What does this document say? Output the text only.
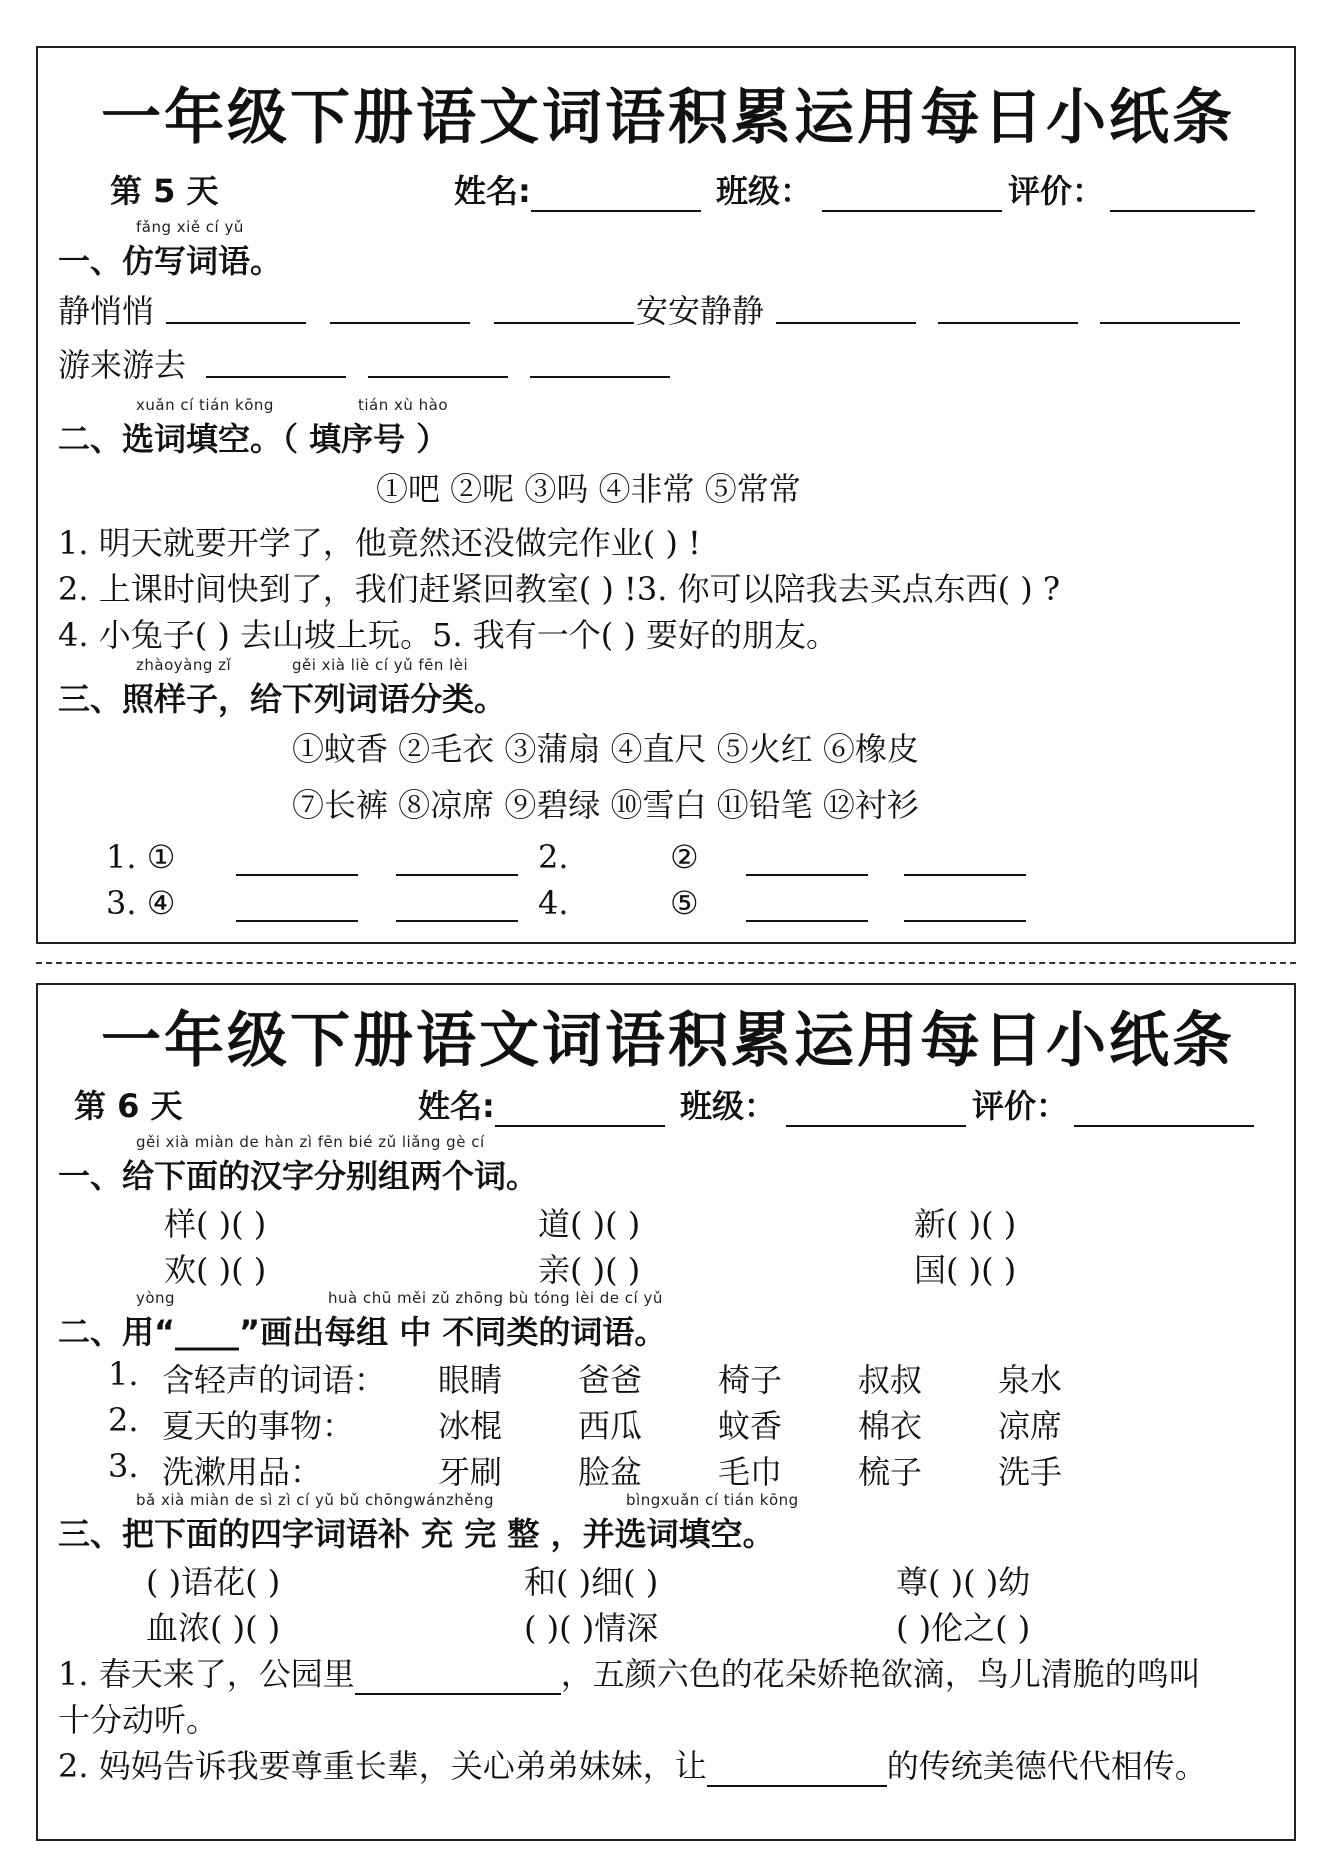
一年级下册语文词语积累运用每日小纸条
第 5 天	姓名:	班级：	评价：
fǎng xiě cí yǔ
一、仿写词语。
静悄悄	安安静静
游来游去
xuǎn cí tián kōng	tián xù hào
二、选词填空。（ 填序号 ）
①吧 ②呢 ③吗 ④非常 ⑤常常
1. 明天就要开学了，他竟然还没做完作业( ) !
2. 上课时间快到了，我们赶紧回教室( ) !3. 你可以陪我去买点东西( ) ?
4. 小兔子( ) 去山坡上玩。5. 我有一个( ) 要好的朋友。
zhàoyàng zǐ	gěi xià liè cí yǔ fēn lèi
三、照样子，给下列词语分类。
①蚊香 ②毛衣 ③蒲扇 ④直尺 ⑤火红 ⑥橡皮
⑦长裤 ⑧凉席 ⑨碧绿 ⑩雪白 ⑪铅笔 ⑫衬衫
1. ①	2.	②
3. ④	4.	⑤
一年级下册语文词语积累运用每日小纸条
第 6 天	姓名:	班级：	评价：
gěi xià miàn de hàn zì fēn bié zǔ liǎng gè cí
一、给下面的汉字分别组两个词。
样( )( )	道( )( )	新( )( )
欢( )( )	亲( )( )	国( )( )
yòng	huà chū měi zǔ zhōng bù tóng lèi de cí yǔ
二、用“____”画出每组 中 不同类的词语。
1. 含轻声的词语： 眼睛 爸爸 椅子 叔叔 泉水
2. 夏天的事物：	冰棍 西瓜 蚊香 棉衣 凉席
3. 洗漱用品：	牙刷 脸盆 毛巾 梳子 洗手
bǎ xià miàn de sì zì cí yǔ bǔ chōngwánzhěng	bìngxuǎn cí tián kōng
三、把下面的四字词语补 充 完 整 ，并选词填空。
( )语花( )	和( )细( )	尊( )( )幼
血浓( )( )	( )( )情深	( )伦之( )
1. 春天来了，公园里	，五颜六色的花朵娇艳欲滴，鸟儿清脆的鸣叫
十分动听。
2. 妈妈告诉我要尊重长辈，关心弟弟妹妹，让	的传统美德代代相传。
